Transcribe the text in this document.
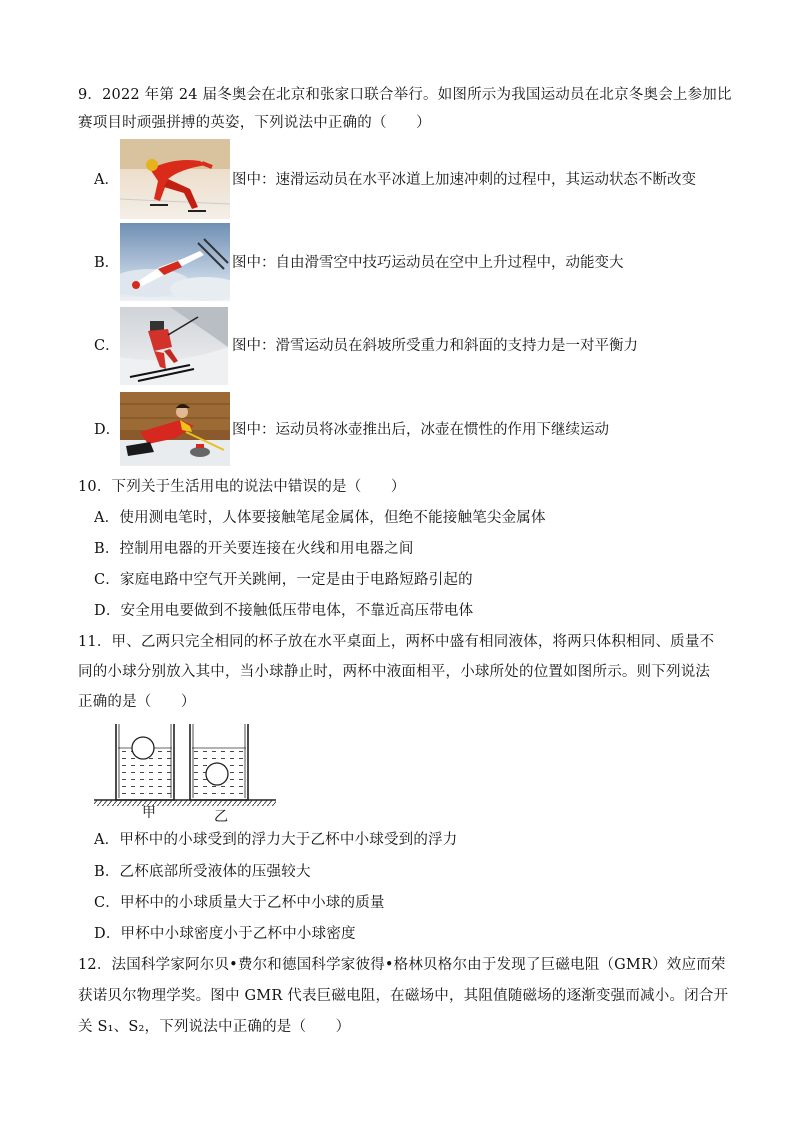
9．2022 年第 24 届冬奥会在北京和张家口联合举行。如图所示为我国运动员在北京冬奥会上参加比
赛项目时顽强拼搏的英姿，下列说法中正确的（　　）
A．	图中：速滑运动员在水平冰道上加速冲刺的过程中，其运动状态不断改变
B．	图中：自由滑雪空中技巧运动员在空中上升过程中，动能变大
C．	图中：滑雪运动员在斜坡所受重力和斜面的支持力是一对平衡力
D．	图中：运动员将冰壶推出后，冰壶在惯性的作用下继续运动
10．下列关于生活用电的说法中错误的是（　　）
A．使用测电笔时，人体要接触笔尾金属体，但绝不能接触笔尖金属体
B．控制用电器的开关要连接在火线和用电器之间
C．家庭电路中空气开关跳闸，一定是由于电路短路引起的
D．安全用电要做到不接触低压带电体，不靠近高压带电体
11．甲、乙两只完全相同的杯子放在水平桌面上，两杯中盛有相同液体，将两只体积相同、质量不
同的小球分别放入其中，当小球静止时，两杯中液面相平，小球所处的位置如图所示。则下列说法
正确的是（　　）
甲	乙
A．甲杯中的小球受到的浮力大于乙杯中小球受到的浮力
B．乙杯底部所受液体的压强较大
C．甲杯中的小球质量大于乙杯中小球的质量
D．甲杯中小球密度小于乙杯中小球密度
12．法国科学家阿尔贝•费尔和德国科学家彼得•格林贝格尔由于发现了巨磁电阻（GMR）效应而荣
获诺贝尔物理学奖。图中 GMR 代表巨磁电阻，在磁场中，其阻值随磁场的逐渐变强而减小。闭合开
关 S₁、S₂，下列说法中正确的是（　　）
